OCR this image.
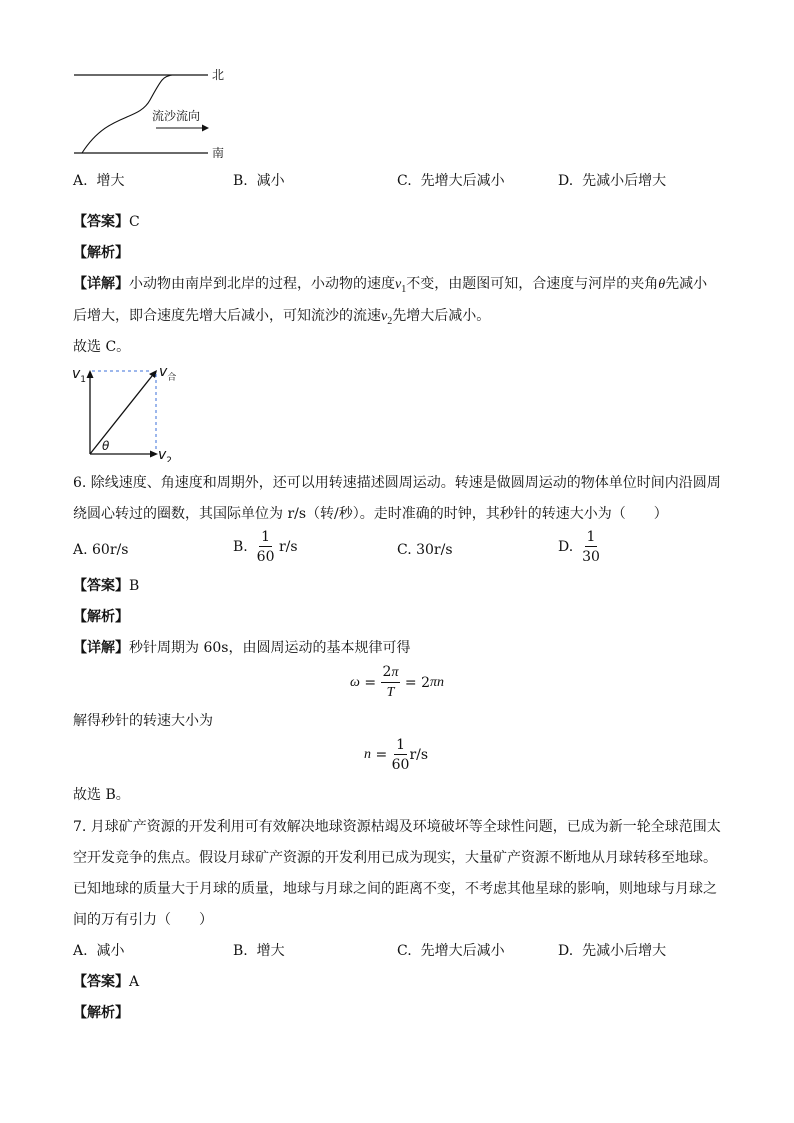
北
南
流沙流向
A. 增大	B. 减小	C. 先增大后减小	D. 先减小后增大
【答案】C
【解析】
【详解】小动物由南岸到北岸的过程，小动物的速度$v_1$不变，由题图可知，合速度与河岸的夹角θ先减小
后增大，即合速度先增大后减小，可知流沙的流速$v_2$先增大后减小。
故选 C。
$v_1$
$v_2$
$v_合$
θ
6. 除线速度、角速度和周期外，还可以用转速描述圆周运动。转速是做圆周运动的物体单位时间内沿圆周
绕圆心转过的圈数，其国际单位为 r/s（转/秒）。走时准确的时钟，其秒针的转速大小为（　　）
A. 60r/s	B.
$\frac{1}{60}$
r/s	C. 30r/s	D.
$\frac{1}{30}$
【答案】B
【解析】
【详解】秒针周期为 60s，由圆周运动的基本规律可得
ω
=
$\frac{2\pi}{T}$
=
2 π n
解得秒针的转速大小为
n
=
$\frac{1}{60} r/s$
故选 B。
7. 月球矿产资源的开发利用可有效解决地球资源枯竭及环境破坏等全球性问题，已成为新一轮全球范围太
空开发竞争的焦点。假设月球矿产资源的开发利用已成为现实，大量矿产资源不断地从月球转移至地球。
已知地球的质量大于月球的质量，地球与月球之间的距离不变，不考虑其他星球的影响，则地球与月球之
间的万有引力（　　）
A. 减小	B. 增大	C. 先增大后减小	D. 先减小后增大
【答案】A
【解析】
